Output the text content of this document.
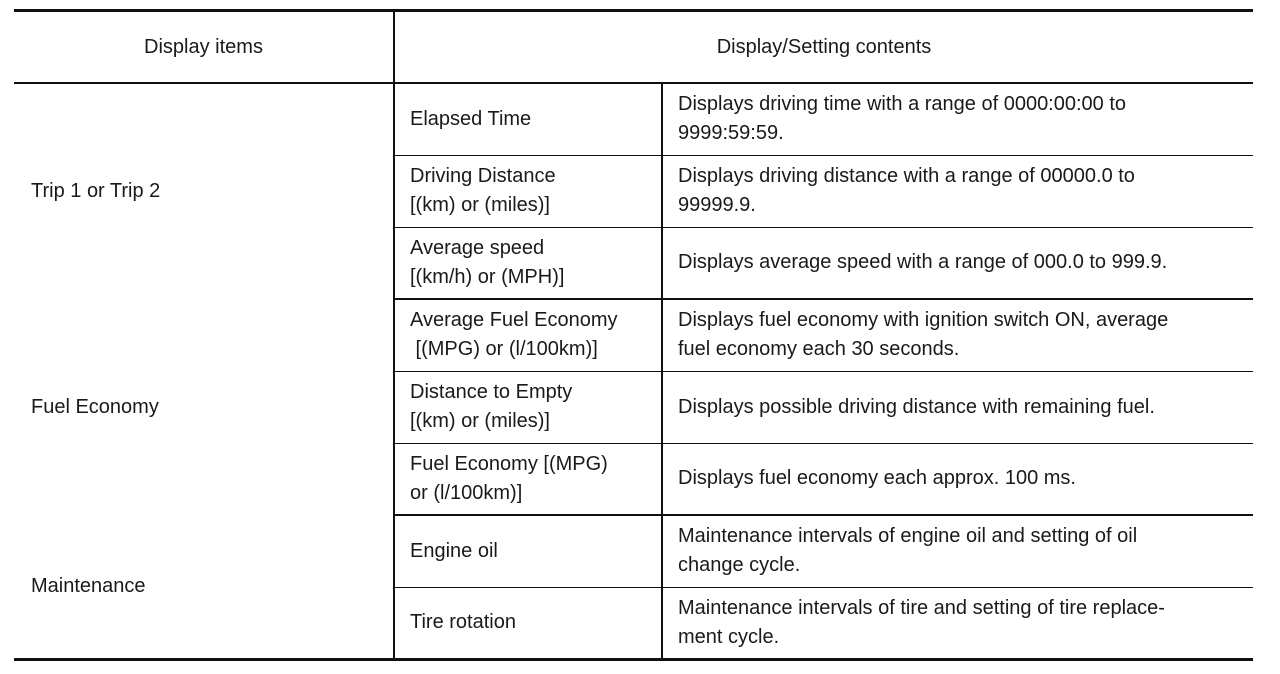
Display items	Display/Setting contents	

Trip 1 or Trip 2	Elapsed Time	Displays driving time with a range of 0000:00:00 to
9999:59:59.

	Driving Distance
[(km) or (miles)]	Displays driving distance with a range of 00000.0 to
99999.9.

	Average speed
[(km/h) or (MPH)]	Displays average speed with a range of 000.0 to 999.9.

Fuel Economy	Average Fuel Economy
[(MPG) or (l/100km)]	Displays fuel economy with ignition switch ON, average
fuel economy each 30 seconds.

	Distance to Empty
[(km) or (miles)]	Displays possible driving distance with remaining fuel.

	Fuel Economy [(MPG)
or (l/100km)]	Displays fuel economy each approx. 100 ms.

Maintenance	Engine oil	Maintenance intervals of engine oil and setting of oil
change cycle.

	Tire rotation	Maintenance intervals of tire and setting of tire replace-
ment cycle.
